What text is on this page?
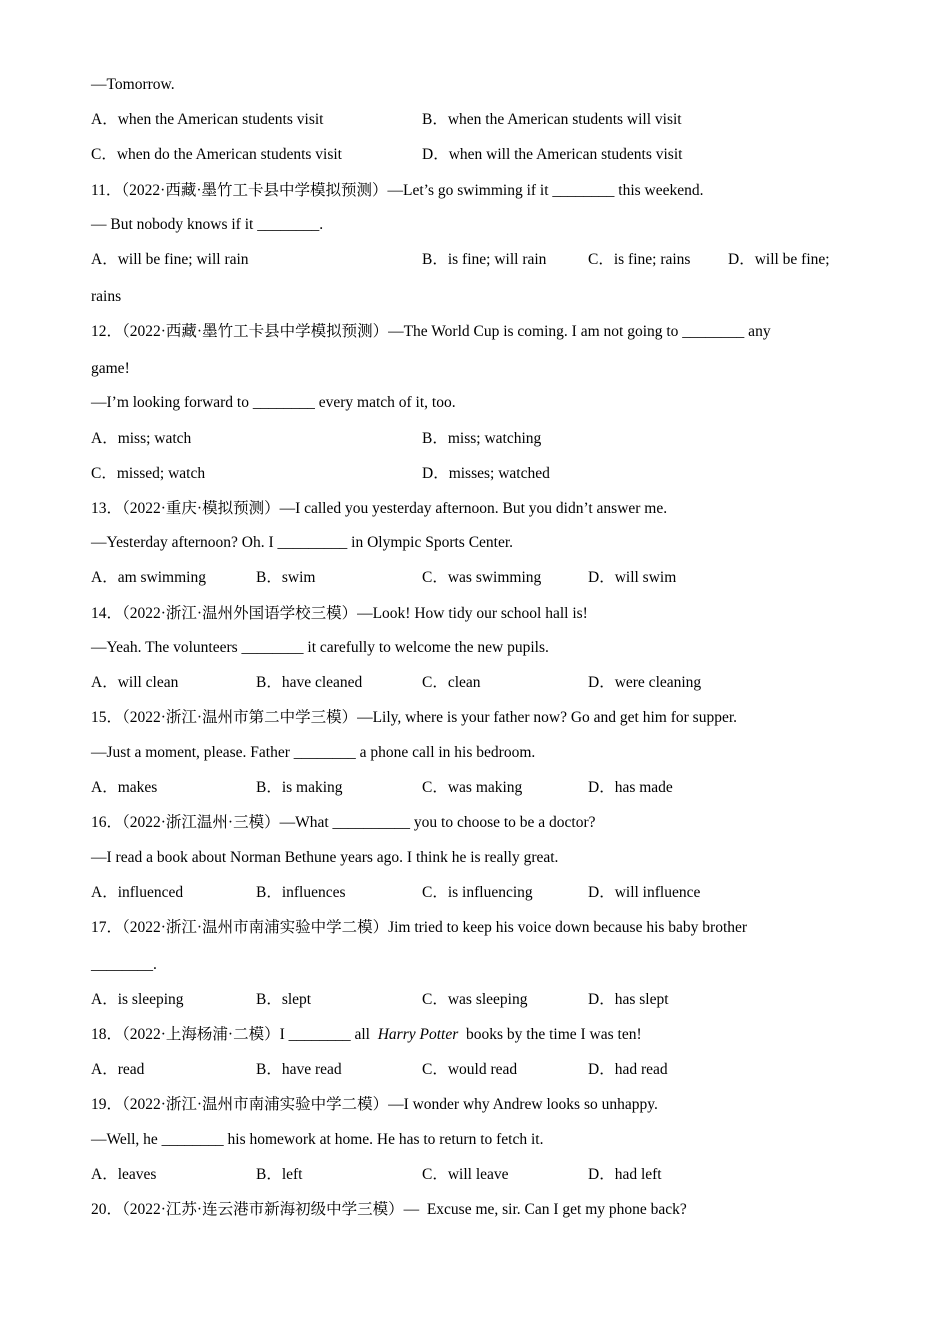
—Tomorrow.
A．when the American students visit	B．when the American students will visit
C．when do the American students visit	D．when will the American students visit
11．（2022·西藏·墨竹工卡县中学模拟预测）—Let’s go swimming if it ________ this weekend.
— But nobody knows if it ________.
A．will be fine; will rain	B．is fine; will rain	C．is fine; rains D．will be fine;
rains
12．（2022·西藏·墨竹工卡县中学模拟预测）—The World Cup is coming. I am not going to ________ any
game!
—I’m looking forward to ________ every match of it, too.
A．miss; watch	B．miss; watching
C．missed; watch	D．misses; watched
13．（2022·重庆·模拟预测）—I called you yesterday afternoon. But you didn’t answer me.
—Yesterday afternoon? Oh. I _________ in Olympic Sports Center.
A．am swimming	B．swim	C．was swimming	D．will swim
14．（2022·浙江·温州外国语学校三模）—Look! How tidy our school hall is!
—Yeah. The volunteers ________ it carefully to welcome the new pupils.
A．will clean	B．have cleaned	C．clean	D．were cleaning
15．（2022·浙江·温州市第二中学三模）—Lily, where is your father now? Go and get him for supper.
—Just a moment, please. Father ________ a phone call in his bedroom.
A．makes	B．is making	C．was making	D．has made
16．（2022·浙江温州·三模）—What __________ you to choose to be a doctor?
—I read a book about Norman Bethune years ago. I think he is really great.
A．influenced	B．influences	C．is influencing	D．will influence
17．（2022·浙江·温州市南浦实验中学二模）Jim tried to keep his voice down because his baby brother
________.
A．is sleeping	B．slept	C．was sleeping	D．has slept
18．（2022·上海杨浦·二模）I ________ all  Harry Potter  books by the time I was ten!
A．read	B．have read	C．would read	D．had read
19．（2022·浙江·温州市南浦实验中学二模）—I wonder why Andrew looks so unhappy.
—Well, he ________ his homework at home. He has to return to fetch it.
A．leaves	B．left	C．will leave	D．had left
20．（2022·江苏·连云港市新海初级中学三模）—  Excuse me, sir. Can I get my phone back?
